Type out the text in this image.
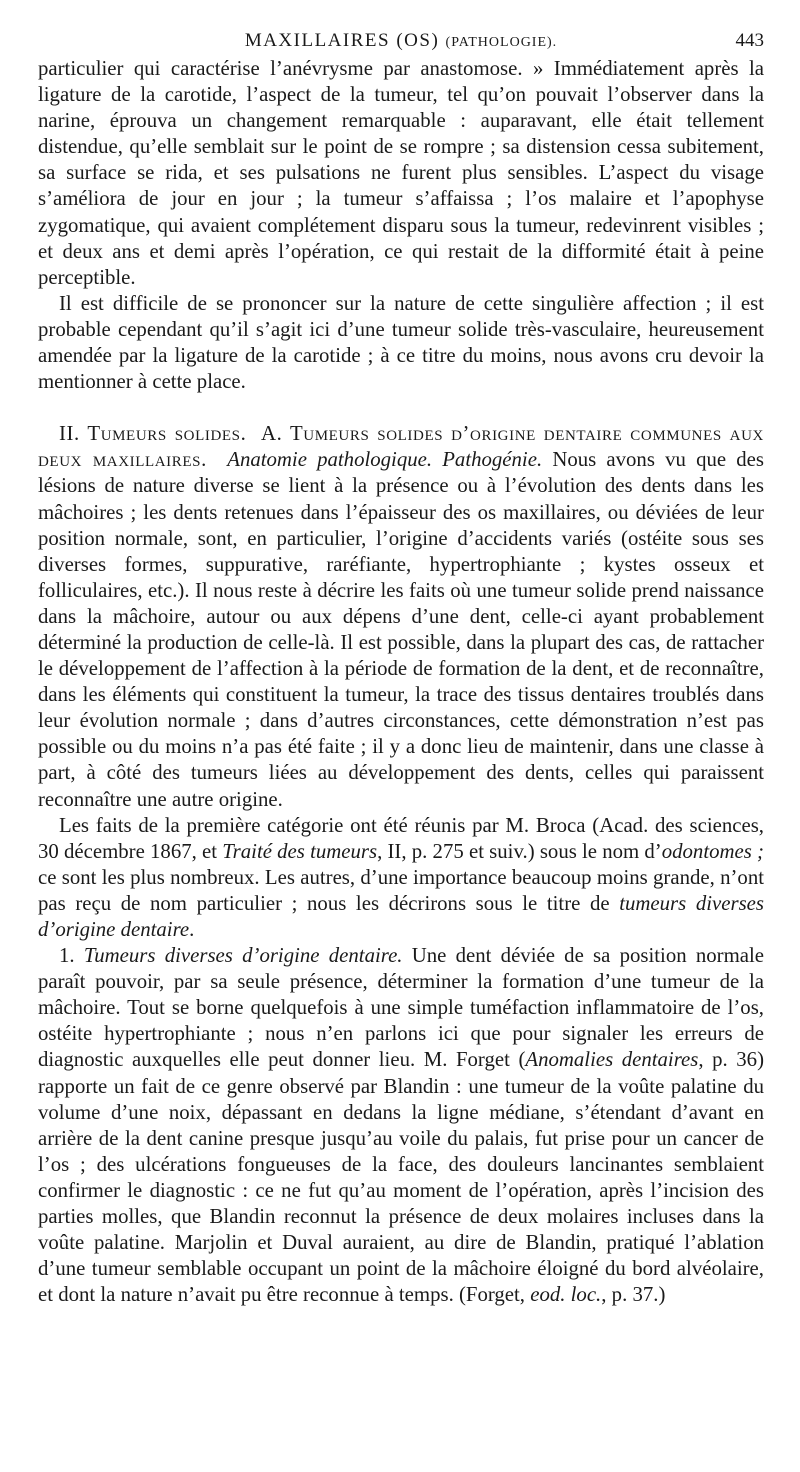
MAXILLAIRES (OS) (PATHOLOGIE).	443

particulier qui caractérise l’anévrysme par anastomose. » Immédiatement après la ligature de la carotide, l’aspect de la tumeur, tel qu’on pouvait l’observer dans la narine, éprouva un changement remarquable : auparavant, elle était tellement distendue, qu’elle semblait sur le point de se rompre ; sa distension cessa subitement, sa surface se rida, et ses pulsations ne furent plus sensibles. L’aspect du visage s’améliora de jour en jour ; la tumeur s’affaissa ; l’os malaire et l’apophyse zygomatique, qui avaient complétement disparu sous la tumeur, redevinrent visibles ; et deux ans et demi après l’opération, ce qui restait de la difformité était à peine perceptible.

Il est difficile de se prononcer sur la nature de cette singulière affection ; il est probable cependant qu’il s’agit ici d’une tumeur solide très-vasculaire, heureusement amendée par la ligature de la carotide ; à ce titre du moins, nous avons cru devoir la mentionner à cette place.

II. Tumeurs solides. A. Tumeurs solides d’origine dentaire communes aux deux maxillaires. Anatomie pathologique. Pathogénie. Nous avons vu que des lésions de nature diverse se lient à la présence ou à l’évolution des dents dans les mâchoires ; les dents retenues dans l’épaisseur des os maxillaires, ou déviées de leur position normale, sont, en particulier, l’origine d’accidents variés (ostéite sous ses diverses formes, suppurative, raréfiante, hypertrophiante ; kystes osseux et folliculaires, etc.). Il nous reste à décrire les faits où une tumeur solide prend naissance dans la mâchoire, autour ou aux dépens d’une dent, celle-ci ayant probablement déterminé la production de celle-là. Il est possible, dans la plupart des cas, de rattacher le développement de l’affection à la période de formation de la dent, et de reconnaître, dans les éléments qui constituent la tumeur, la trace des tissus dentaires troublés dans leur évolution normale ; dans d’autres circonstances, cette démonstration n’est pas possible ou du moins n’a pas été faite ; il y a donc lieu de maintenir, dans une classe à part, à côté des tumeurs liées au développement des dents, celles qui paraissent reconnaître une autre origine.

Les faits de la première catégorie ont été réunis par M. Broca (Acad. des sciences, 30 décembre 1867, et Traité des tumeurs, II, p. 275 et suiv.) sous le nom d’odontomes ; ce sont les plus nombreux. Les autres, d’une importance beaucoup moins grande, n’ont pas reçu de nom particulier ; nous les décrirons sous le titre de tumeurs diverses d’origine dentaire.

1. Tumeurs diverses d’origine dentaire. Une dent déviée de sa position normale paraît pouvoir, par sa seule présence, déterminer la formation d’une tumeur de la mâchoire. Tout se borne quelquefois à une simple tuméfaction inflammatoire de l’os, ostéite hypertrophiante ; nous n’en parlons ici que pour signaler les erreurs de diagnostic auxquelles elle peut donner lieu. M. Forget (Anomalies dentaires, p. 36) rapporte un fait de ce genre observé par Blandin : une tumeur de la voûte palatine du volume d’une noix, dépassant en dedans la ligne médiane, s’étendant d’avant en arrière de la dent canine presque jusqu’au voile du palais, fut prise pour un cancer de l’os ; des ulcérations fongueuses de la face, des douleurs lancinantes semblaient confirmer le diagnostic : ce ne fut qu’au moment de l’opération, après l’incision des parties molles, que Blandin reconnut la présence de deux molaires incluses dans la voûte palatine. Marjolin et Duval auraient, au dire de Blandin, pratiqué l’ablation d’une tumeur semblable occupant un point de la mâchoire éloigné du bord alvéolaire, et dont la nature n’avait pu être reconnue à temps. (Forget, eod. loc., p. 37.)
